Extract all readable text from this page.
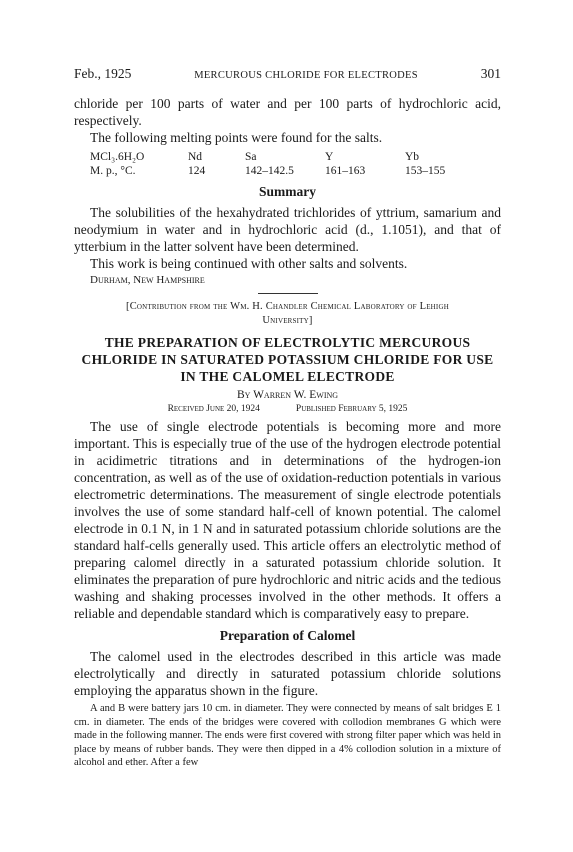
Feb., 1925	MERCUROUS CHLORIDE FOR ELECTRODES	301

chloride per 100 parts of water and per 100 parts of hydrochloric acid, respectively.

The following melting points were found for the salts.

MCl₃.6H₂O	Nd	Sa	Y	Yb
M. p., °C.	124	142–142.5	161–163	153–155
Summary

The solubilities of the hexahydrated trichlorides of yttrium, samarium and neodymium in water and in hydrochloric acid (d., 1.1051), and that of ytterbium in the latter solvent have been determined.

This work is being continued with other salts and solvents.

Durham, New Hampshire

[Contribution from the Wm. H. Chandler Chemical Laboratory of Lehigh
University]
THE PREPARATION OF ELECTROLYTIC MERCUROUS CHLORIDE IN SATURATED POTASSIUM CHLORIDE FOR USE IN THE CALOMEL ELECTRODE
By Warren W. Ewing
Received June 20, 1924	Published February 5, 1925

The use of single electrode potentials is becoming more and more important. This is especially true of the use of the hydrogen electrode potential in acidimetric titrations and in determinations of the hydrogen-ion concentration, as well as of the use of oxidation-reduction potentials in various electrometric determinations. The measurement of single electrode potentials involves the use of some standard half-cell of known potential. The calomel electrode in 0.1 N, in 1 N and in saturated potassium chloride solutions are the standard half-cells generally used. This article offers an electrolytic method of preparing calomel directly in a saturated potassium chloride solution. It eliminates the preparation of pure hydrochloric and nitric acids and the tedious washing and shaking processes involved in the other methods. It offers a reliable and dependable standard which is comparatively easy to prepare.

Preparation of Calomel

The calomel used in the electrodes described in this article was made electrolytically and directly in saturated potassium chloride solutions employing the apparatus shown in the figure.

A and B were battery jars 10 cm. in diameter. They were connected by means of salt bridges E 1 cm. in diameter. The ends of the bridges were covered with collodion membranes G which were made in the following manner. The ends were first covered with strong filter paper which was held in place by means of rubber bands. They were then dipped in a 4% collodion solution in a mixture of alcohol and ether. After a few
